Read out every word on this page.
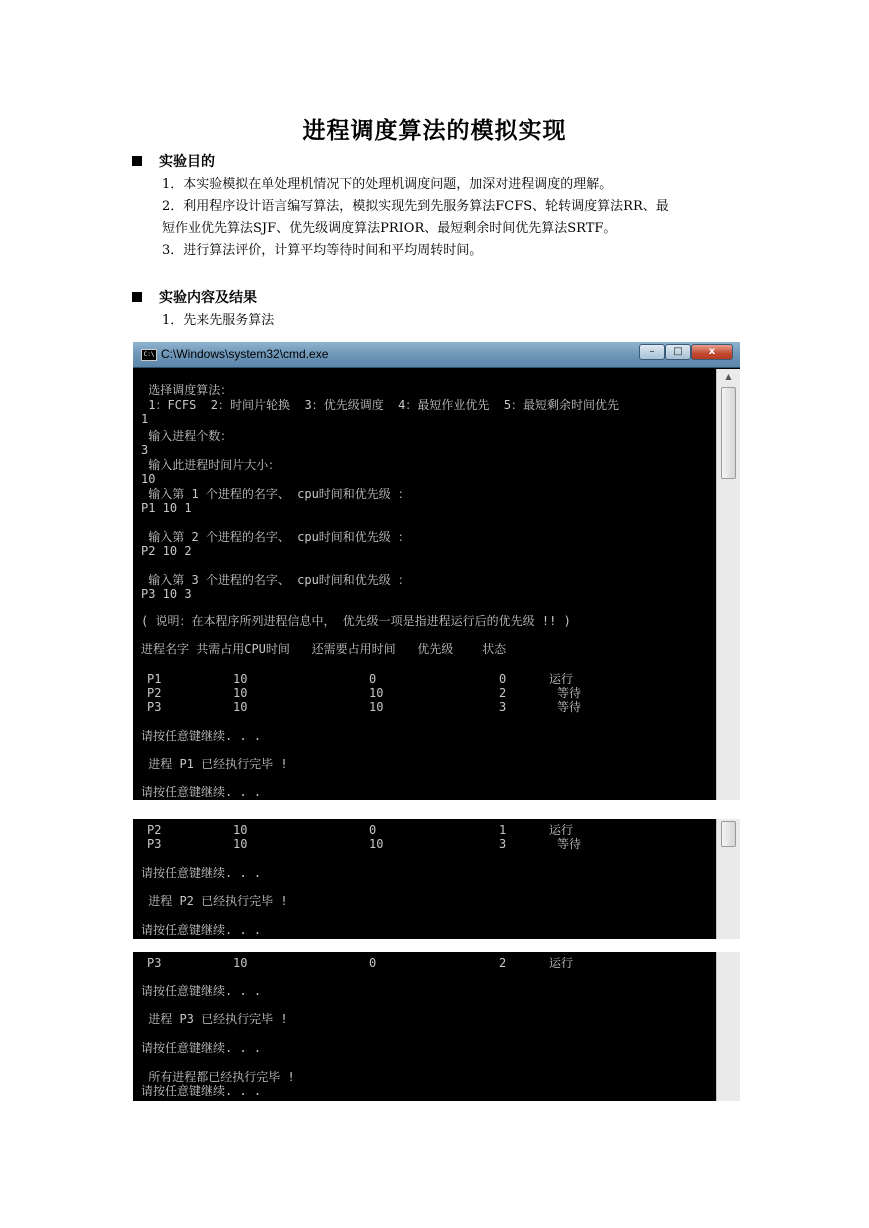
进程调度算法的模拟实现
实验目的
1．本实验模拟在单处理机情况下的处理机调度问题，加深对进程调度的理解。
2．利用程序设计语言编写算法，模拟实现先到先服务算法FCFS、轮转调度算法RR、最
短作业优先算法SJF、优先级调度算法PRIOR、最短剩余时间优先算法SRTF。
3．进行算法评价，计算平均等待时间和平均周转时间。
实验内容及结果
1．先来先服务算法
C:\ C:\Windows\system32\cmd.exe	–	□	x
▲
选择调度算法：
1：FCFS  2：时间片轮换  3：优先级调度  4：最短作业优先  5：最短剩余时间优先
1
输入进程个数：
3
输入此进程时间片大小：
10
输入第 1 个进程的名字、 cpu时间和优先级 ：
P1 10 1
输入第 2 个进程的名字、 cpu时间和优先级 ：
P2 10 2
输入第 3 个进程的名字、 cpu时间和优先级 ：
P3 10 3
( 说明：在本程序所列进程信息中， 优先级一项是指进程运行后的优先级 !! )
进程名字 共需占用CPU时间   还需要占用时间   优先级    状态
P1	10	0	0	运行
P2	10	10	2	等待
P3	10	10	3	等待
请按任意键继续. . .
进程 P1 已经执行完毕 !
请按任意键继续. . .
P2	10	0	1	运行
P3	10	10	3	等待
请按任意键继续. . .
进程 P2 已经执行完毕 !
请按任意键继续. . .
P3	10	0	2	运行
请按任意键继续. . .
进程 P3 已经执行完毕 !
请按任意键继续. . .
所有进程都已经执行完毕 !
请按任意键继续. . .
